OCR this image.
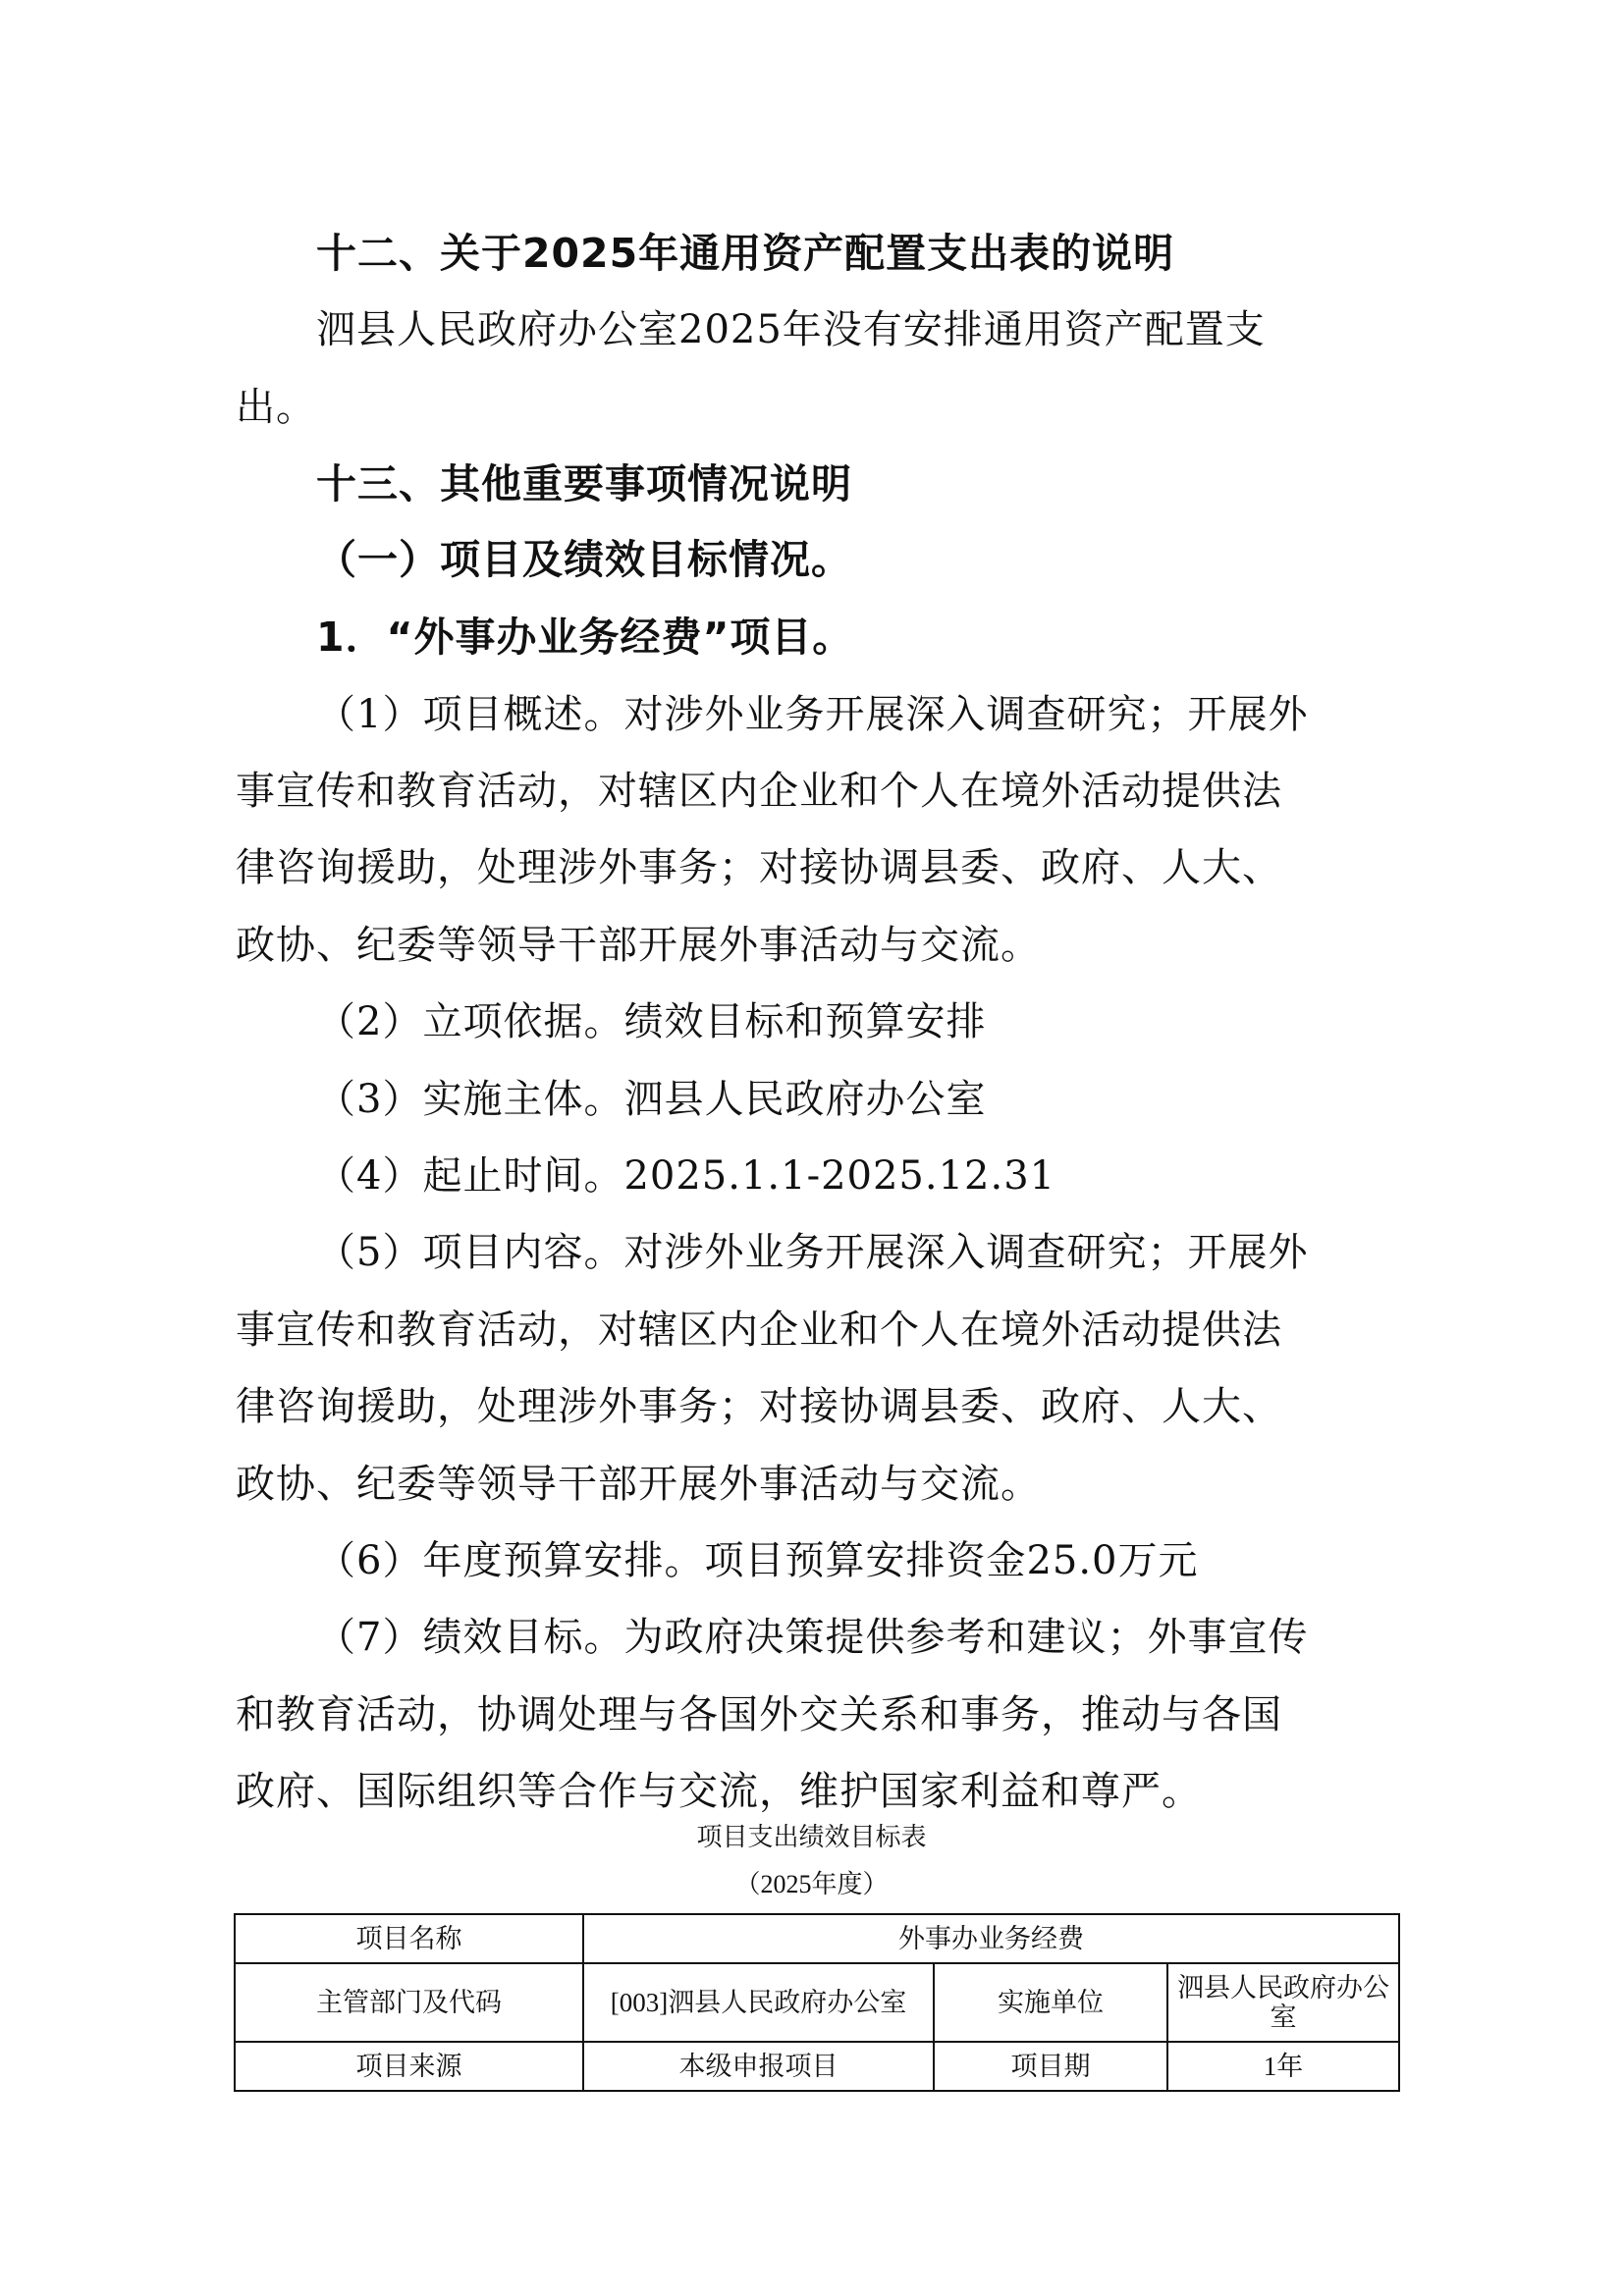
十二、关于2025年通用资产配置支出表的说明
泗县人民政府办公室2025年没有安排通用资产配置支
出。
十三、其他重要事项情况说明
（一）项目及绩效目标情况。
1．“外事办业务经费”项目。
（1）项目概述。对涉外业务开展深入调查研究；开展外
事宣传和教育活动，对辖区内企业和个人在境外活动提供法
律咨询援助，处理涉外事务；对接协调县委、政府、人大、
政协、纪委等领导干部开展外事活动与交流。
（2）立项依据。绩效目标和预算安排
（3）实施主体。泗县人民政府办公室
（4）起止时间。2025.1.1-2025.12.31
（5）项目内容。对涉外业务开展深入调查研究；开展外
事宣传和教育活动，对辖区内企业和个人在境外活动提供法
律咨询援助，处理涉外事务；对接协调县委、政府、人大、
政协、纪委等领导干部开展外事活动与交流。
（6）年度预算安排。项目预算安排资金25.0万元
（7）绩效目标。为政府决策提供参考和建议；外事宣传
和教育活动，协调处理与各国外交关系和事务，推动与各国
政府、国际组织等合作与交流，维护国家利益和尊严。
项目支出绩效目标表
（2025年度）
项目名称	外事办业务经费		
主管部门及代码	[003]泗县人民政府办公室	实施单位	泗县人民政府办公室
项目来源	本级申报项目	项目期	1年
